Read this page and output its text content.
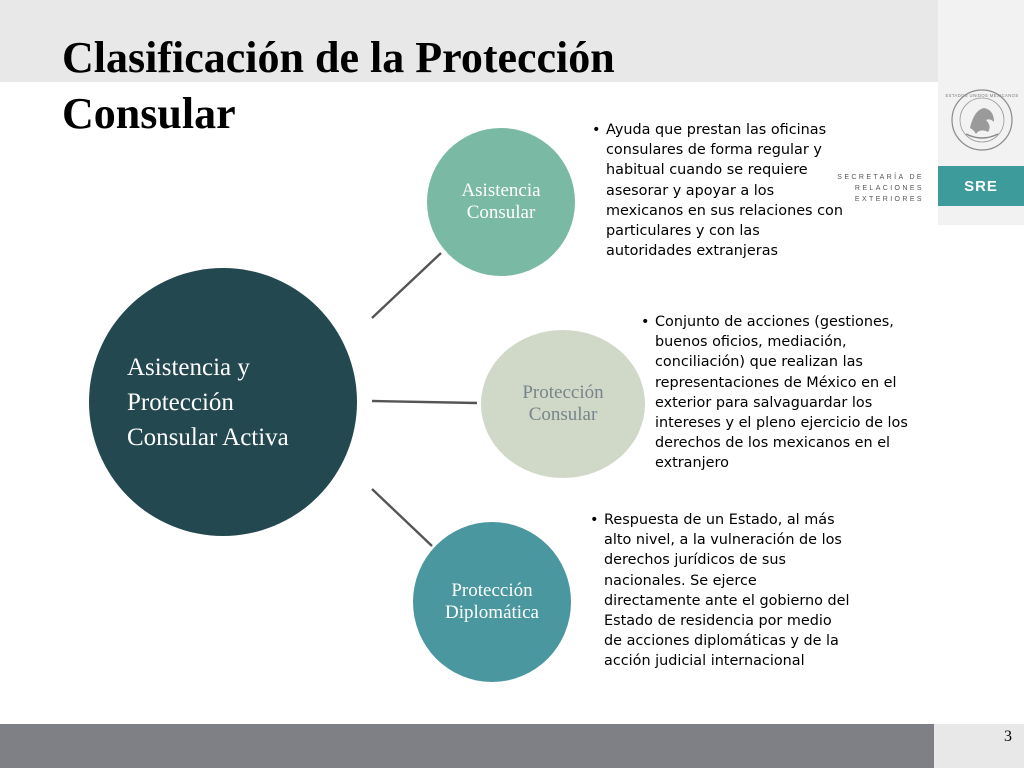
ESTADOS UNIDOS MEXICANOS
SECRETARÍA DE RELACIONES EXTERIORES
SRE
Clasificación de la Protección Consular
Asistencia y Protección Consular Activa
Asistencia Consular
Protección Consular
Protección Diplomática

• Ayuda que prestan las oficinas consulares de forma regular y habitual cuando se requiere asesorar y apoyar a los mexicanos en sus relaciones con particulares y con las autoridades extranjeras

• Conjunto de acciones (gestiones, buenos oficios, mediación, conciliación) que realizan las representaciones de México en el exterior para salvaguardar los intereses y el pleno ejercicio de los derechos de los mexicanos en el extranjero

• Respuesta de un Estado, al más alto nivel, a la vulneración de los derechos jurídicos de sus nacionales. Se ejerce directamente ante el gobierno del Estado de residencia por medio de acciones diplomáticas y de la acción judicial internacional

3
